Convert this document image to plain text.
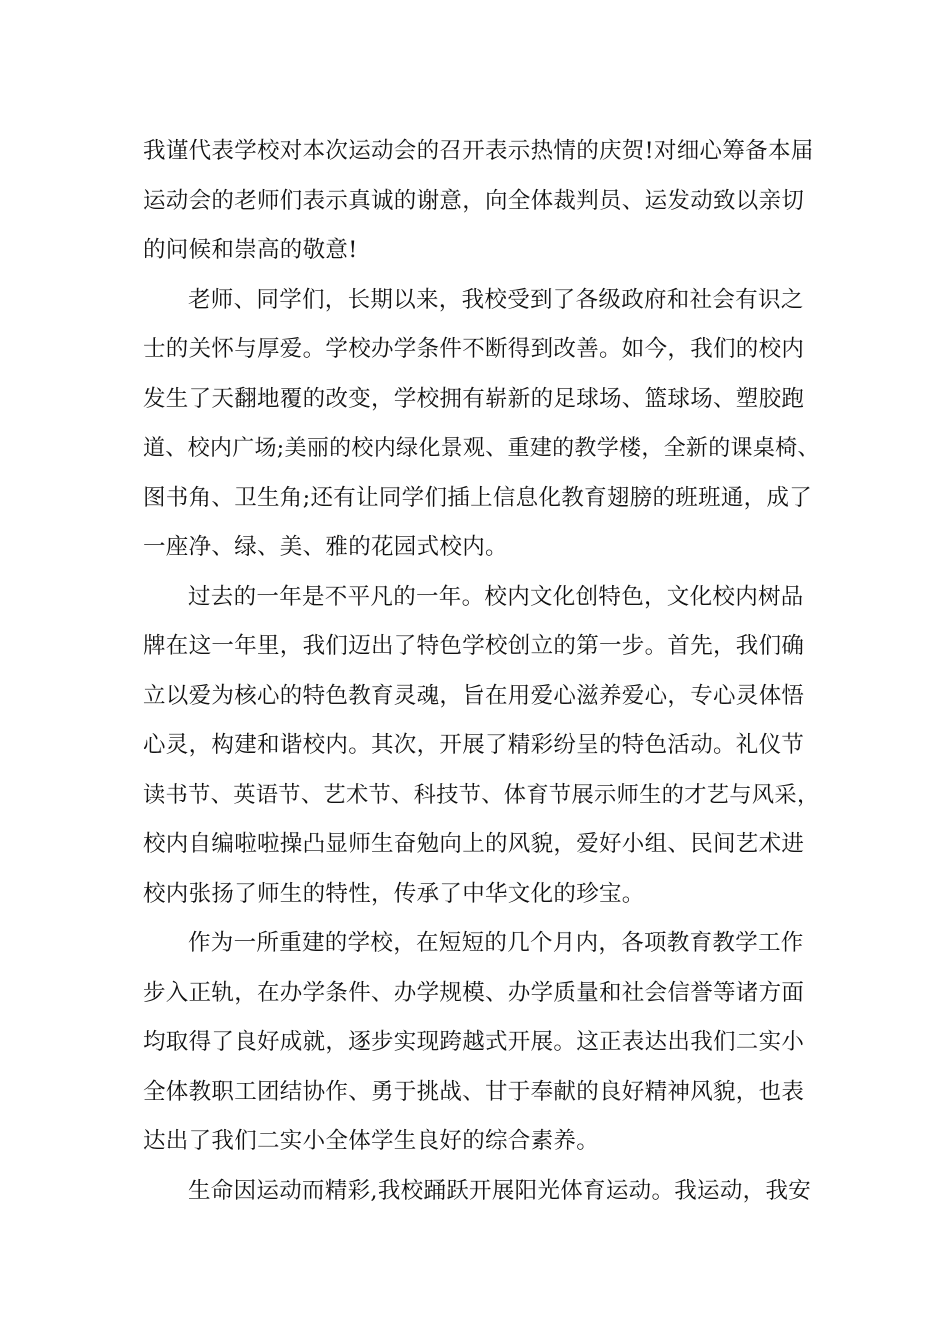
我谨代表学校对本次运动会的召开表示热情的庆贺!对细心筹备本届
运动会的老师们表示真诚的谢意，向全体裁判员、运发动致以亲切
的问候和崇高的敬意!
老师、同学们，长期以来，我校受到了各级政府和社会有识之
士的关怀与厚爱。学校办学条件不断得到改善。如今，我们的校内
发生了天翻地覆的改变，学校拥有崭新的足球场、篮球场、塑胶跑
道、校内广场;美丽的校内绿化景观、重建的教学楼，全新的课桌椅、
图书角、卫生角;还有让同学们插上信息化教育翅膀的班班通，成了
一座净、绿、美、雅的花园式校内。
过去的一年是不平凡的一年。校内文化创特色，文化校内树品
牌在这一年里，我们迈出了特色学校创立的第一步。首先，我们确
立以爱为核心的特色教育灵魂，旨在用爱心滋养爱心，专心灵体悟
心灵，构建和谐校内。其次，开展了精彩纷呈的特色活动。礼仪节
读书节、英语节、艺术节、科技节、体育节展示师生的才艺与风采，
校内自编啦啦操凸显师生奋勉向上的风貌，爱好小组、民间艺术进
校内张扬了师生的特性，传承了中华文化的珍宝。
作为一所重建的学校，在短短的几个月内，各项教育教学工作
步入正轨，在办学条件、办学规模、办学质量和社会信誉等诸方面
均取得了良好成就，逐步实现跨越式开展。这正表达出我们二实小
全体教职工团结协作、勇于挑战、甘于奉献的良好精神风貌，也表
达出了我们二实小全体学生良好的综合素养。
生命因运动而精彩,我校踊跃开展阳光体育运动。我运动，我安
